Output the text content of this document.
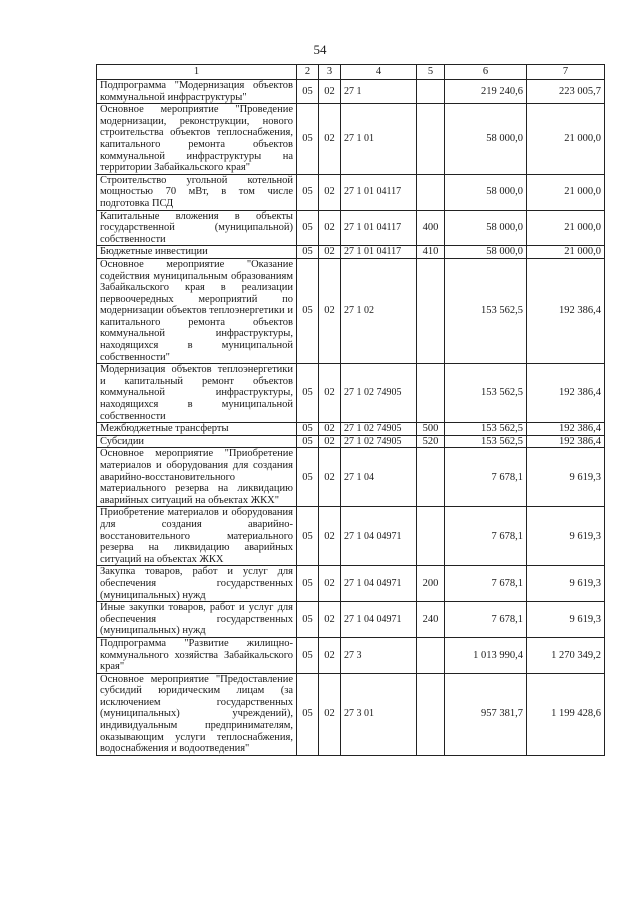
54
1	2	3	4	5	6	7
Подпрограмма "Модернизация объектов коммунальной инфраструктуры"	05	02	27 1		219 240,6	223 005,7
Основное мероприятие "Проведение модернизации, реконструкции, нового строительства объектов теплоснабжения, капитального ремонта объектов коммунальной инфраструктуры на территории Забайкальского края"	05	02	27 1 01		58 000,0	21 000,0
Строительство угольной котельной мощностью 70 мВт, в том числе подготовка ПСД	05	02	27 1 01 04117		58 000,0	21 000,0
Капитальные вложения в объекты государственной (муниципальной) собственности	05	02	27 1 01 04117	400	58 000,0	21 000,0
Бюджетные инвестиции	05	02	27 1 01 04117	410	58 000,0	21 000,0
Основное мероприятие "Оказание содействия муниципальным образованиям Забайкальского края в реализации первоочередных мероприятий по модернизации объектов теплоэнергетики и капитального ремонта объектов коммунальной инфраструктуры, находящихся в муниципальной собственности"	05	02	27 1 02		153 562,5	192 386,4
Модернизация объектов теплоэнергетики и капитальный ремонт объектов коммунальной инфраструктуры, находящихся в муниципальной собственности	05	02	27 1 02 74905		153 562,5	192 386,4
Межбюджетные трансферты	05	02	27 1 02 74905	500	153 562,5	192 386,4
Субсидии	05	02	27 1 02 74905	520	153 562,5	192 386,4
Основное мероприятие "Приобретение материалов и оборудования для создания аварийно-восстановительного материального резерва на ликвидацию аварийных ситуаций на объектах ЖКХ"	05	02	27 1 04		7 678,1	9 619,3
Приобретение материалов и оборудования для создания аварийно-восстановительного материального резерва на ликвидацию аварийных ситуаций на объектах ЖКХ	05	02	27 1 04 04971		7 678,1	9 619,3
Закупка товаров, работ и услуг для обеспечения государственных (муниципальных) нужд	05	02	27 1 04 04971	200	7 678,1	9 619,3
Иные закупки товаров, работ и услуг для обеспечения государственных (муниципальных) нужд	05	02	27 1 04 04971	240	7 678,1	9 619,3
Подпрограмма "Развитие жилищно-коммунального хозяйства Забайкальского края"	05	02	27 3		1 013 990,4	1 270 349,2
Основное мероприятие "Предоставление субсидий юридическим лицам (за исключением государственных (муниципальных) учреждений), индивидуальным предпринимателям, оказывающим услуги теплоснабжения, водоснабжения и водоотведения"	05	02	27 3 01		957 381,7	1 199 428,6
